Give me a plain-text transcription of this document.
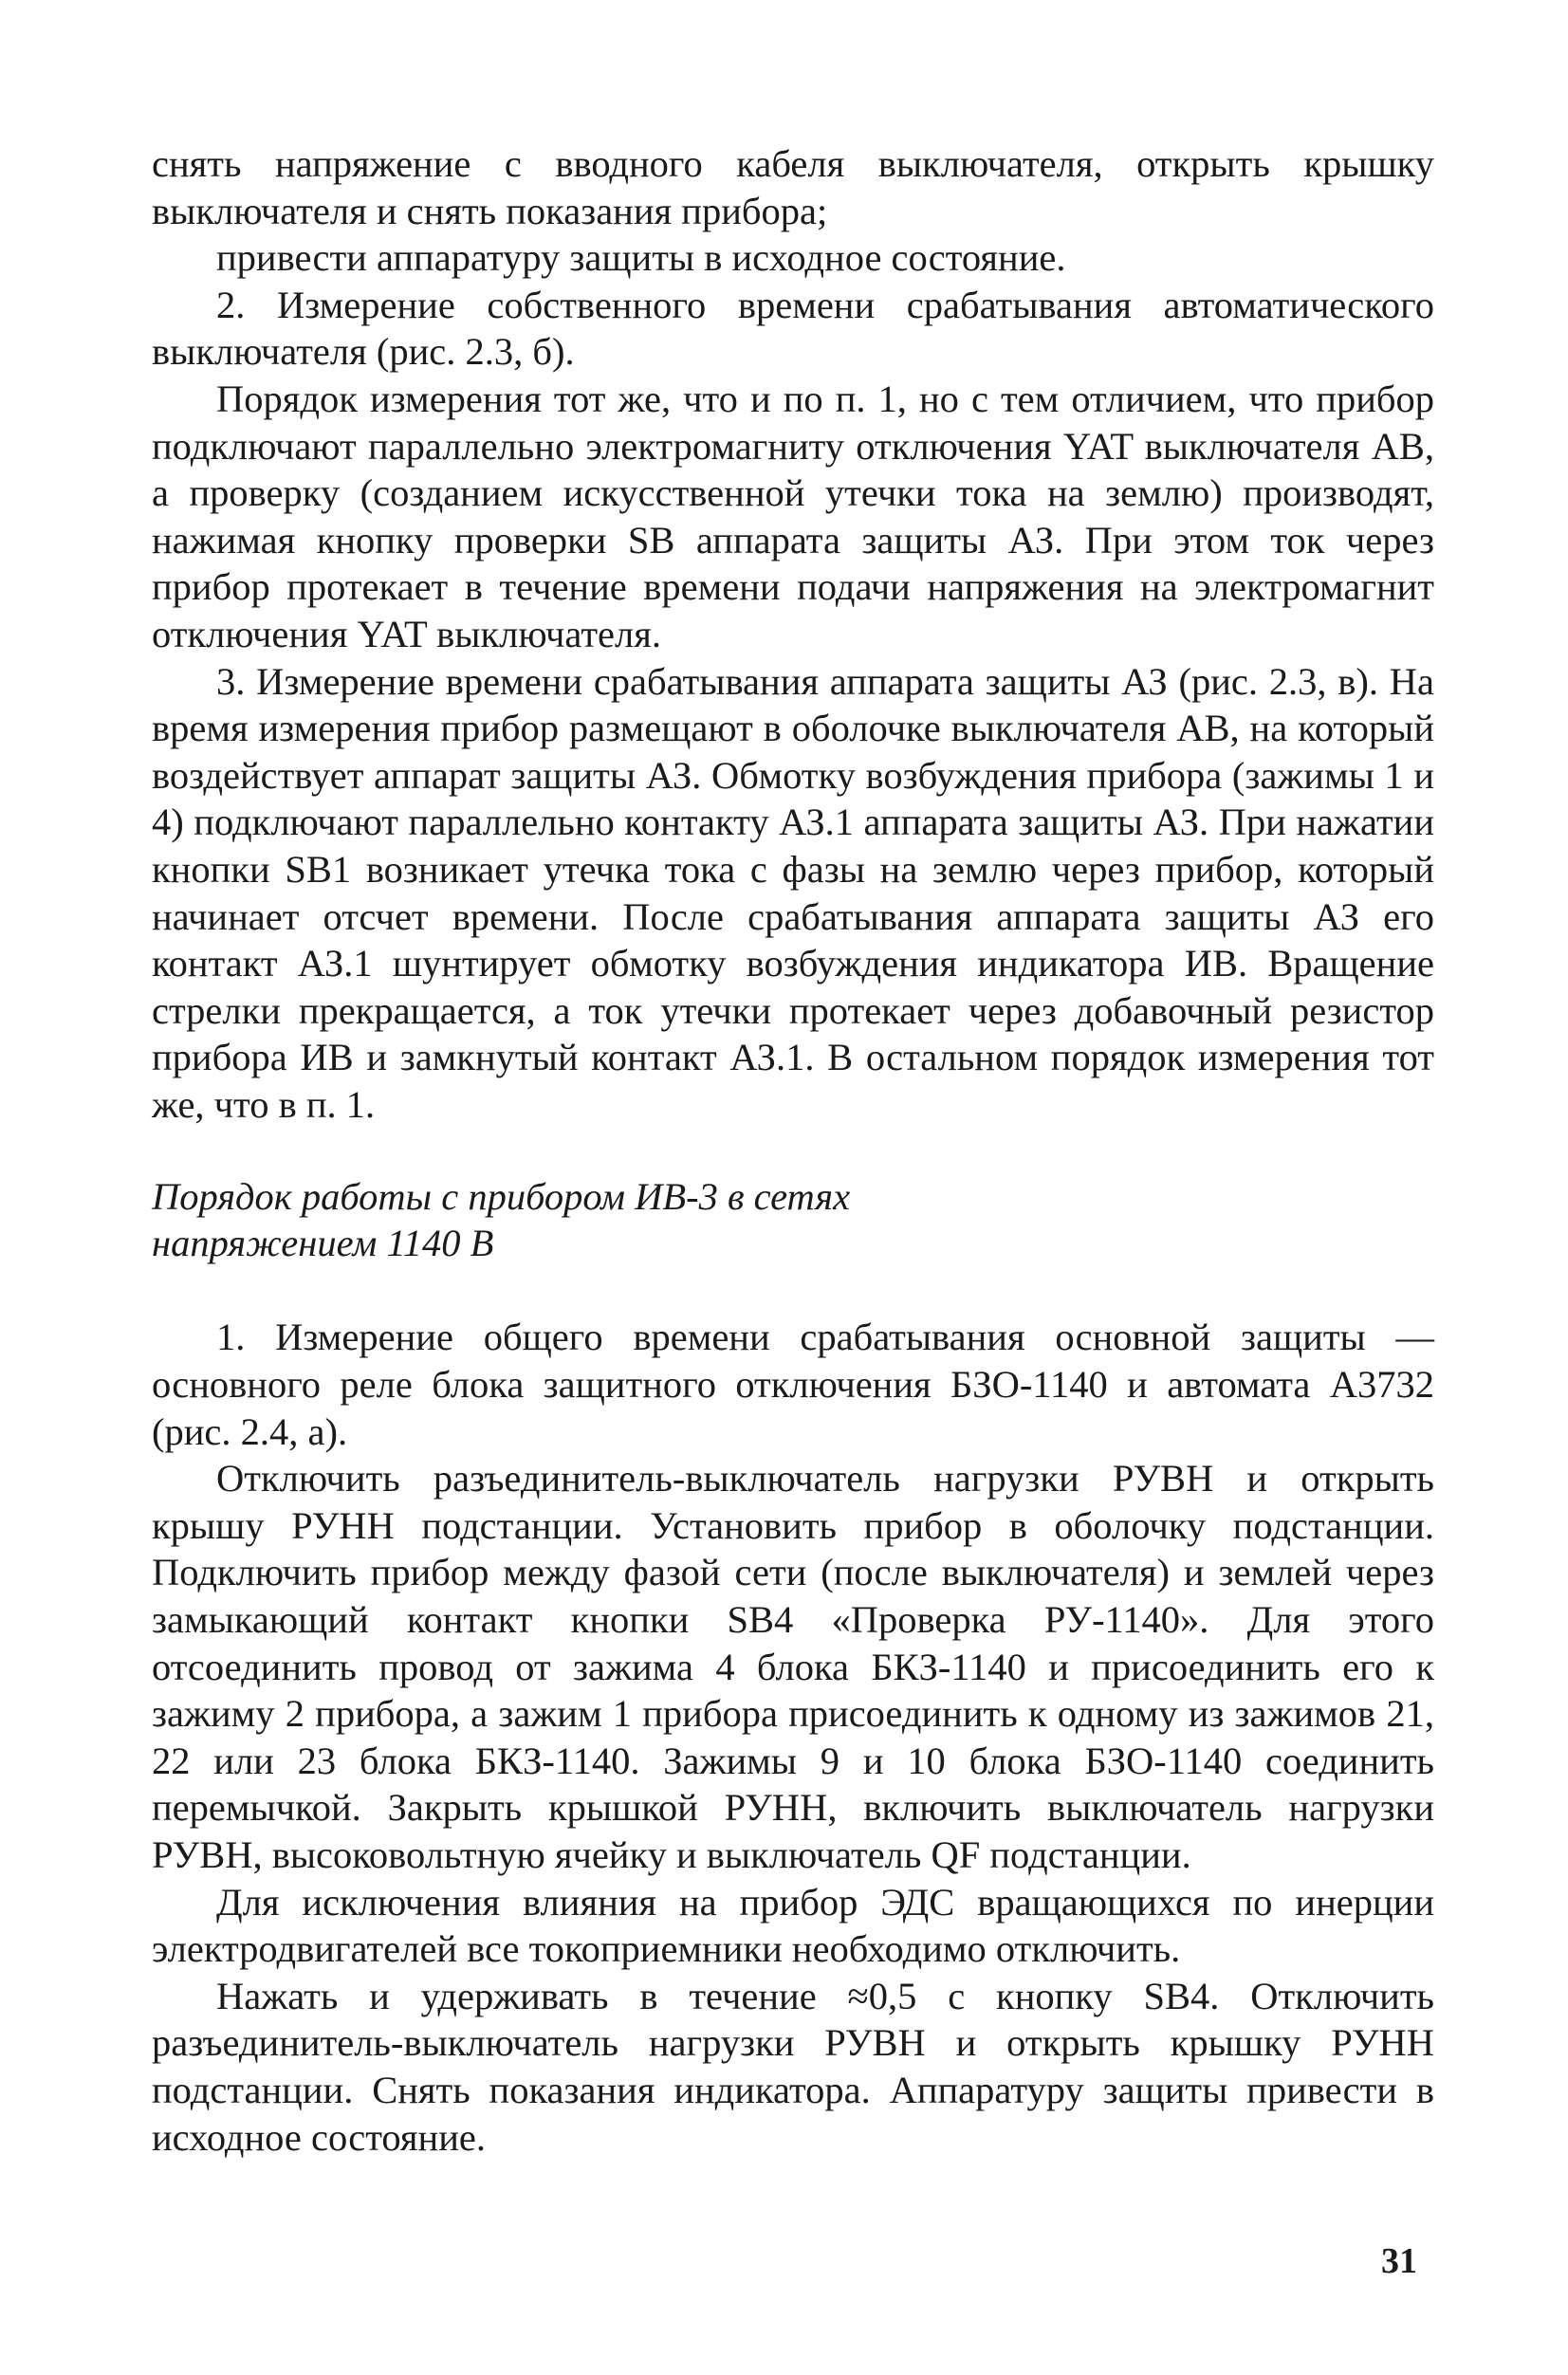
снять напряжение с вводного кабеля выключателя, открыть крышку выключателя и снять показания прибора;

привести аппаратуру защиты в исходное состояние.

2. Измерение собственного времени срабатывания автоматического выключателя (рис. 2.3, б).

Порядок измерения тот же, что и по п. 1, но с тем отличием, что прибор подключают параллельно электромагниту отключения YAT выключателя AB, а проверку (созданием искусственной утечки тока на землю) производят, нажимая кнопку проверки SB аппарата защиты АЗ. При этом ток через прибор протекает в течение времени подачи напряжения на электромагнит отключения YAT выключателя.

3. Измерение времени срабатывания аппарата защиты АЗ (рис. 2.3, в). На время измерения прибор размещают в оболочке выключателя AB, на который воздействует аппарат защиты АЗ. Обмотку возбуждения прибора (зажимы 1 и 4) подключают параллельно контакту АЗ.1 аппарата защиты АЗ. При нажатии кнопки SB1 возникает утечка тока с фазы на землю через прибор, который начинает отсчет времени. После срабатывания аппарата защиты АЗ его контакт АЗ.1 шунтирует обмотку возбуждения индикатора ИВ. Вращение стрелки прекращается, а ток утечки протекает через добавочный резистор прибора ИВ и замкнутый контакт АЗ.1. В остальном порядок измерения тот же, что в п. 1.

Порядок работы с прибором ИВ-3 в сетях
напряжением 1140 В

1. Измерение общего времени срабатывания основной защиты — основного реле блока защитного отключения БЗО-1140 и автомата А3732 (рис. 2.4, а).

Отключить разъединитель-выключатель нагрузки РУВН и открыть крышу РУНН подстанции. Установить прибор в оболочку подстанции. Подключить прибор между фазой сети (после выключателя) и землей через замыкающий контакт кнопки SB4 «Проверка РУ-1140». Для этого отсоединить провод от зажима 4 блока БКЗ-1140 и присоединить его к зажиму 2 прибора, а зажим 1 прибора присоединить к одному из зажимов 21, 22 или 23 блока БКЗ-1140. Зажимы 9 и 10 блока БЗО-1140 соединить перемычкой. Закрыть крышкой РУНН, включить выключатель нагрузки РУВН, высоковольтную ячейку и выключатель QF подстанции.

Для исключения влияния на прибор ЭДС вращающихся по инерции электродвигателей все токоприемники необходимо отключить.

Нажать и удерживать в течение ≈0,5 с кнопку SB4. Отключить разъединитель-выключатель нагрузки РУВН и открыть крышку РУНН подстанции. Снять показания индикатора. Аппаратуру защиты привести в исходное состояние.

31
